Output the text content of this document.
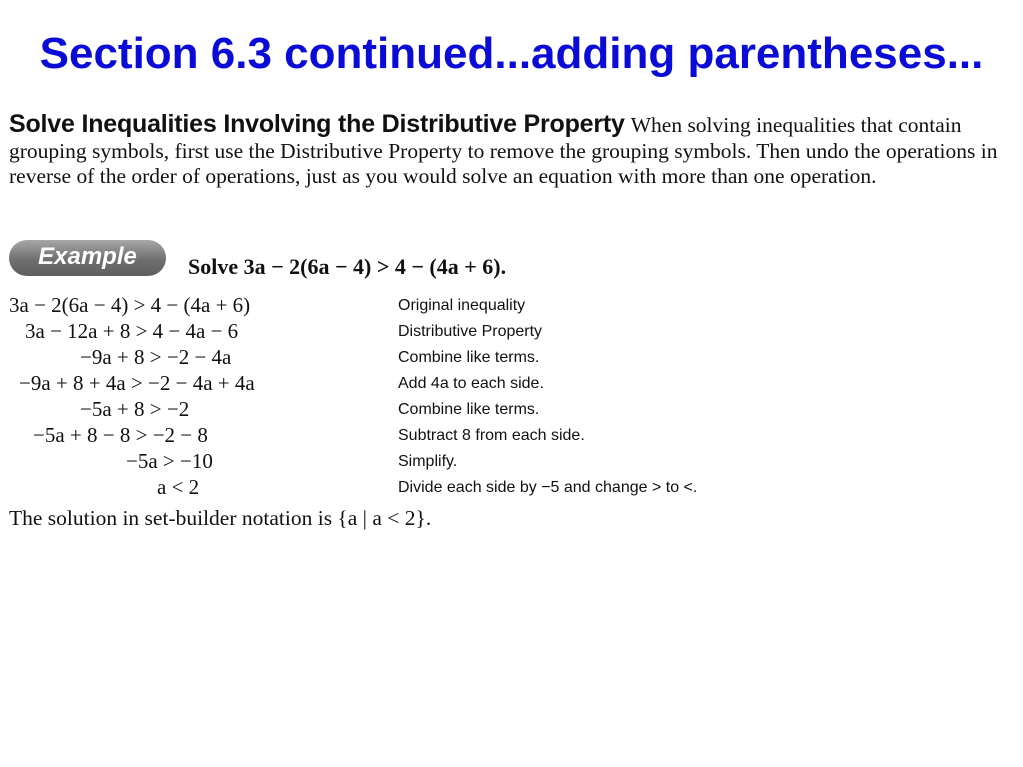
Section 6.3 continued...adding parentheses...

Solve Inequalities Involving the Distributive Property When solving inequalities that contain grouping symbols, first use the Distributive Property to remove the grouping symbols. Then undo the operations in reverse of the order of operations, just as you would solve an equation with more than one operation.

Example	Solve 3a − 2(6a − 4) > 4 − (4a + 6).

3a − 2(6a − 4) > 4 − (4a + 6)	Original inequality
3a − 12a + 8 > 4 − 4a − 6	Distributive Property
−9a + 8 > −2 − 4a	Combine like terms.
−9a + 8 + 4a > −2 − 4a + 4a	Add 4a to each side.
−5a + 8 > −2	Combine like terms.
−5a + 8 − 8 > −2 − 8	Subtract 8 from each side.
−5a > −10	Simplify.
a < 2	Divide each side by −5 and change > to <.

The solution in set-builder notation is {a | a < 2}.
